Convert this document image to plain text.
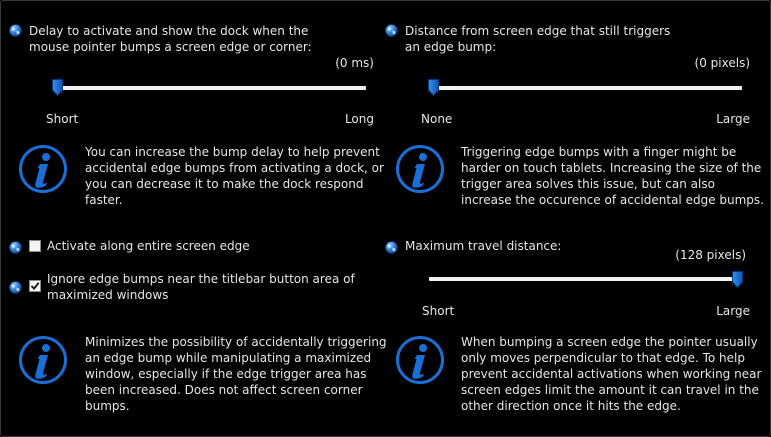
Delay to activate and show the dock when the
mouse pointer bumps a screen edge or corner:
(0 ms)
Short	Long
You can increase the bump delay to help prevent
accidental edge bumps from activating a dock, or
you can decrease it to make the dock respond
faster.
Distance from screen edge that still triggers
an edge bump:
(0 pixels)
None	Large
Triggering edge bumps with a finger might be
harder on touch tablets. Increasing the size of the
trigger area solves this issue, but can also
increase the occurence of accidental edge bumps.
Activate along entire screen edge
Ignore edge bumps near the titlebar button area of
maximized windows
Minimizes the possibility of accidentally triggering
an edge bump while manipulating a maximized
window, especially if the edge trigger area has
been increased. Does not affect screen corner
bumps.
Maximum travel distance:
(128 pixels)
Short	Large
When bumping a screen edge the pointer usually
only moves perpendicular to that edge. To help
prevent accidental activations when working near
screen edges limit the amount it can travel in the
other direction once it hits the edge.
